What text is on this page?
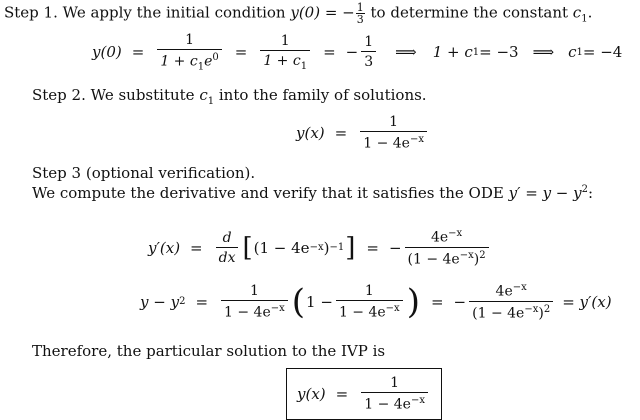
Step 1. We apply the initial condition y(0) = − $\frac{1}{3}$ to determine the constant $c_1$.
$y(0) = \frac{1}{1 + c_1e^0} = \frac{1}{1 + c_1}$ = − $\frac{1}{3}$ ⟹ 1 + c 1 = −3 ⟹ c 1 = −4
Step 2. We substitute $c_1$ into the family of solutions.
$y(x) = \frac{1}{1 - 4e^{-x}}$
Step 3 (optional verification).
We compute the derivative and verify that it satisfies the ODE $y' = y - y^2$:
$y'(x) = \frac{d}{dx}$ [ (1 − 4e −x ) −1 ] = − $\frac{4e^{-x}}{(1 - 4e^{-x})^2}$
y − y $2 = \frac{1}{1 - 4e^{-x}}$ ( $1 - \frac{1}{1 - 4e^{-x}}$ ) = − $\frac{4e^{-x}}{(1 - 4e^{-x})^2} = y'(x)$
Therefore, the particular solution to the IVP is
$y(x) = \frac{1}{1 - 4e^{-x}}$
